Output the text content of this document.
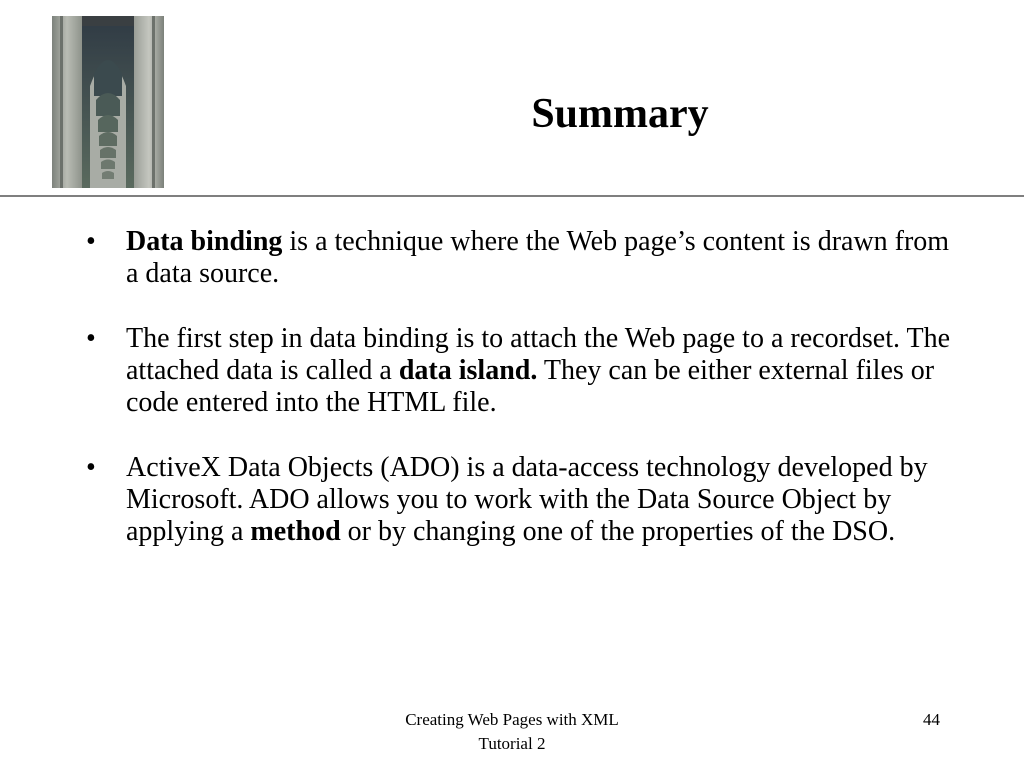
Summary
• Data binding is a technique where the Web page’s content is drawn from a data source.
• The first step in data binding is to attach the Web page to a recordset. The attached data is called a data island. They can be either external files or code entered into the HTML file.
• ActiveX Data Objects (ADO) is a data-access technology developed by Microsoft. ADO allows you to work with the Data Source Object by applying a method or by changing one of the properties of the DSO.
Creating Web Pages with XML
Tutorial 2
44
